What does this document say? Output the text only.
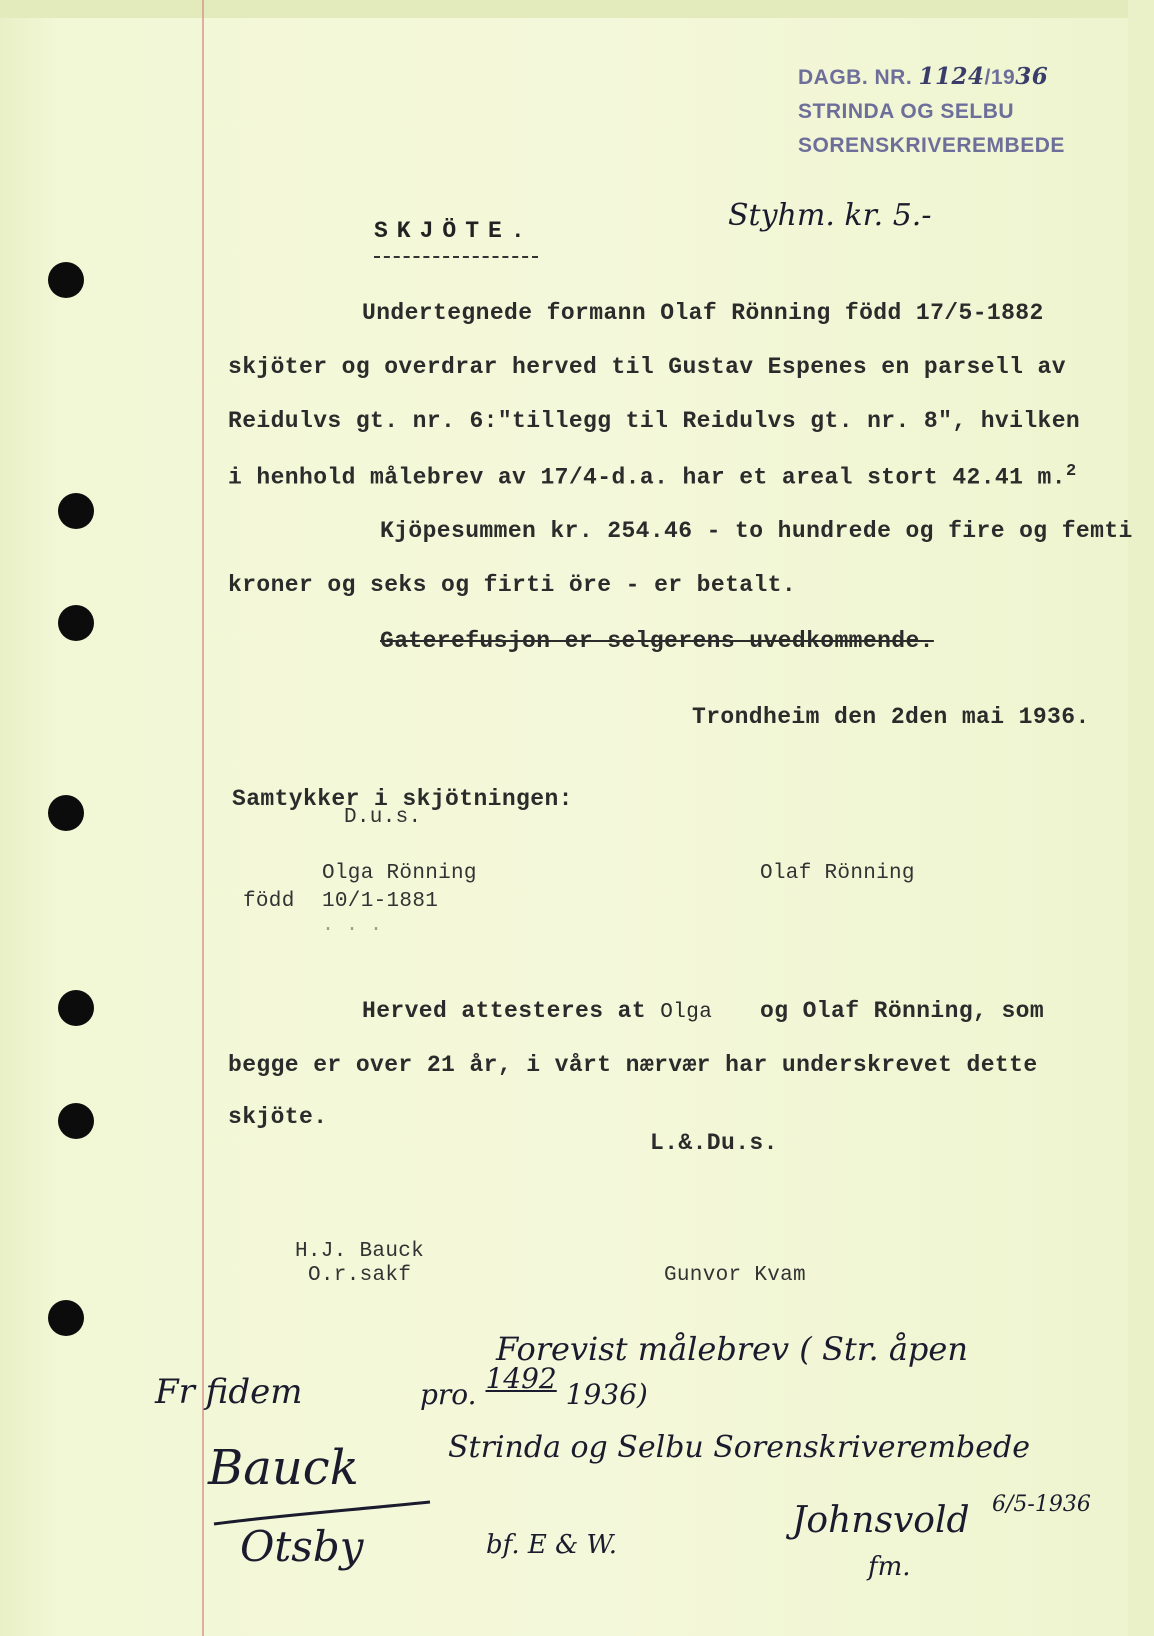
DAGB. NR. 1124/1936
STRINDA OG SELBU
SORENSKRIVEREMBEDE
Styhm. kr. 5.-
SKJÖTE.
Undertegnede formann Olaf Rönning född 17/5-1882
skjöter og overdrar herved til Gustav Espenes en parsell av
Reidulvs gt. nr. 6:"tillegg til Reidulvs gt. nr. 8", hvilken
i henhold målebrev av 17/4-d.a. har et areal stort 42.41 m.$^2$
Kjöpesummen kr. 254.46 - to hundrede og fire og femti
kroner og seks og firti öre - er betalt.
Gaterefusjon er selgerens uvedkommende.
Trondheim den 2den mai 1936.
Samtykker i skjötningen:
D.u.s.
Olga Rönning	Olaf Rönning
född 10/1-1881
· · ·
Herved attesteres at Olga og Olaf Rönning, som
begge er over 21 år, i vårt nærvær har underskrevet dette
skjöte.
L.&.Du.s.
H.J. Bauck
O.r.sakf	Gunvor Kvam
Forevist målebrev ( Str. åpen
Fr fidem	pro. 1492 1936)
Strinda og Selbu Sorenskriverembede
Bauck
6/5-1936
Otsby	bf. E & W.
Johnsvold
fm.
